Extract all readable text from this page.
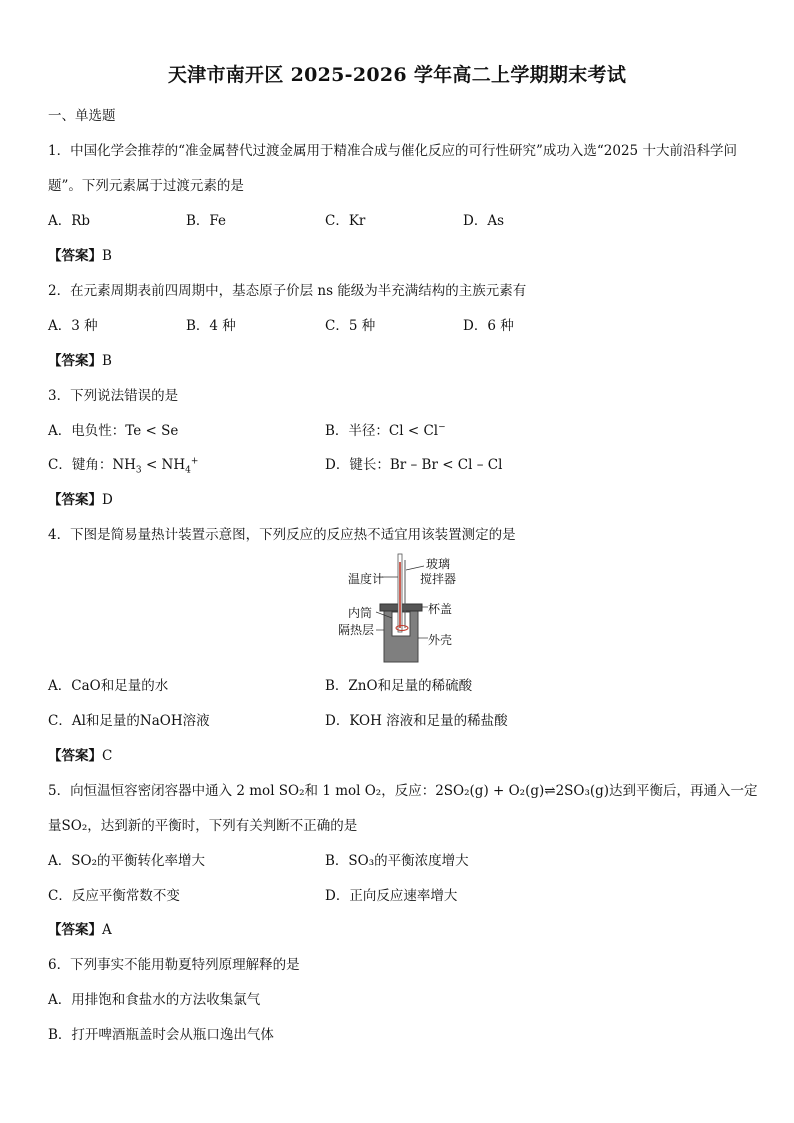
天津市南开区 2025-2026 学年高二上学期期末考试
一、单选题
1．中国化学会推荐的“准金属替代过渡金属用于精准合成与催化反应的可行性研究”成功入选“2025 十大前沿科学问
题”。下列元素属于过渡元素的是
A．Rb	B．Fe	C．Kr	D．As
【答案】B
2．在元素周期表前四周期中，基态原子价层 ns 能级为半充满结构的主族元素有
A．3 种	B．4 种	C．5 种	D．6 种
【答案】B
3．下列说法错误的是
A．电负性：Te < Se	B．半径：Cl < Cl−
C．键角：$NH_3 < NH_4^+$	D．键长：Br – Br < Cl – Cl
【答案】D
4．下图是简易量热计装置示意图，下列反应的反应热不适宜用该装置测定的是
温度计
玻璃
搅拌器
内筒
隔热层
杯盖
外壳
A．CaO和足量的水	B．ZnO和足量的稀硫酸
C．Al和足量的NaOH溶液	D．KOH 溶液和足量的稀盐酸
【答案】C
5．向恒温恒容密闭容器中通入 2 mol SO₂和 1 mol O₂，反应：2SO₂(g) + O₂(g)⇌2SO₃(g)达到平衡后，再通入一定
量SO₂，达到新的平衡时，下列有关判断不正确的是
A．SO₂的平衡转化率增大	B．SO₃的平衡浓度增大
C．反应平衡常数不变	D．正向反应速率增大
【答案】A
6．下列事实不能用勒夏特列原理解释的是
A．用排饱和食盐水的方法收集氯气
B．打开啤酒瓶盖时会从瓶口逸出气体
